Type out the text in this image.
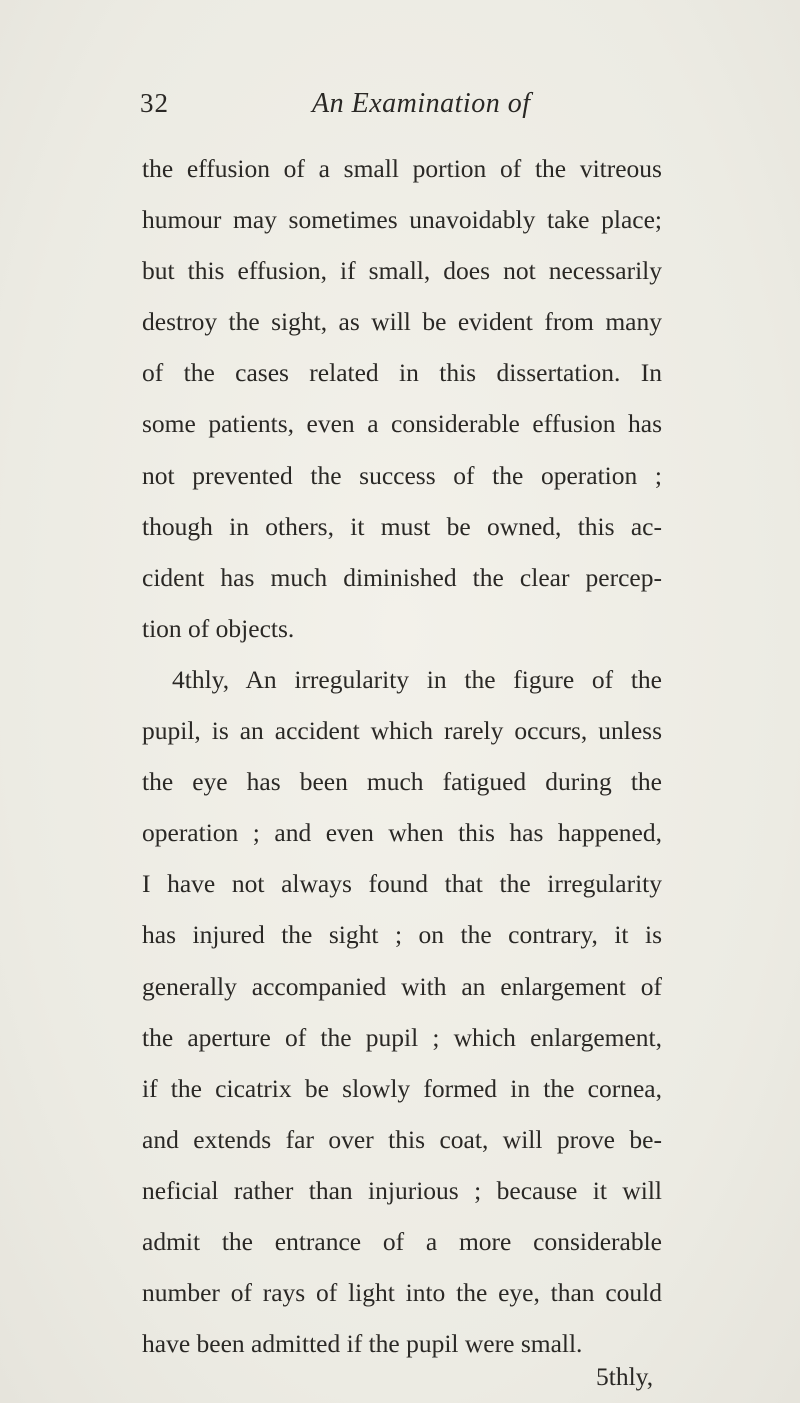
32	An Examination of
the effusion of a small portion of the vitreous
humour may sometimes unavoidably take place;
but this effusion, if small, does not necessarily
destroy the sight, as will be evident from many
of the cases related in this dissertation. In
some patients, even a considerable effusion has
not prevented the success of the operation ;
though in others, it must be owned, this ac-
cident has much diminished the clear percep-
tion of objects.
4thly, An irregularity in the figure of the
pupil, is an accident which rarely occurs, unless
the eye has been much fatigued during the
operation ; and even when this has happened,
I have not always found that the irregularity
has injured the sight ; on the contrary, it is
generally accompanied with an enlargement of
the aperture of the pupil ; which enlargement,
if the cicatrix be slowly formed in the cornea,
and extends far over this coat, will prove be-
neficial rather than injurious ; because it will
admit the entrance of a more considerable
number of rays of light into the eye, than could
have been admitted if the pupil were small.
5thly,
